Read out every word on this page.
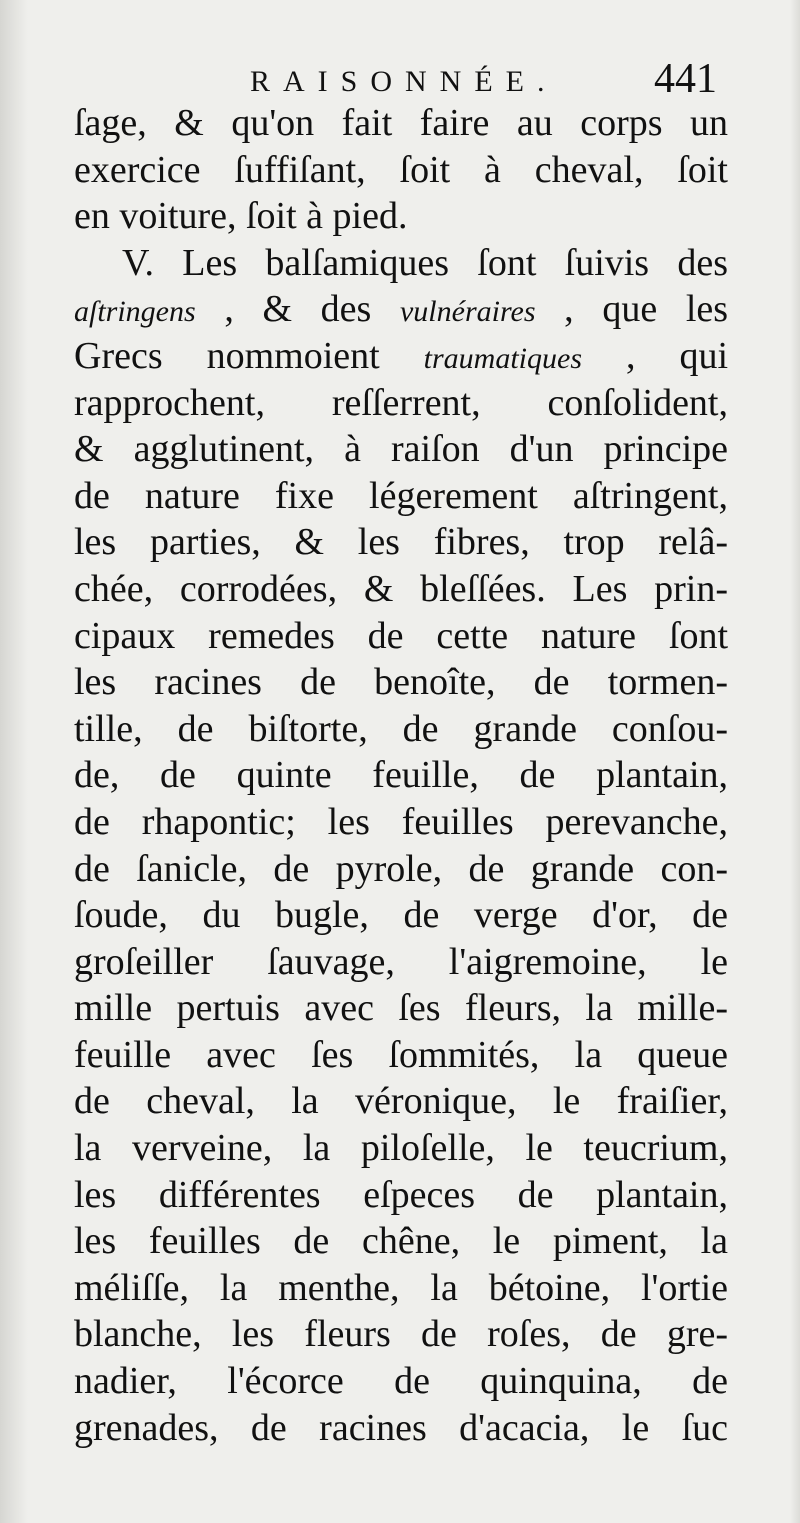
RAISONNÉE. 441
ſage, & qu'on fait faire au corps un
exercice ſuffiſant, ſoit à cheval, ſoit
en voiture, ſoit à pied.
V. Les balſamiques ſont ſuivis des
aſtringens , & des vulnéraires , que les
Grecs nommoient traumatiques , qui
rapprochent, reſſerrent, conſolident,
& agglutinent, à raiſon d'un principe
de nature fixe légerement aſtringent,
les parties, & les fibres, trop relâ-
chée, corrodées, & bleſſées. Les prin-
cipaux remedes de cette nature ſont
les racines de benoîte, de tormen-
tille, de biſtorte, de grande conſou-
de, de quinte feuille, de plantain,
de rhapontic; les feuilles perevanche,
de ſanicle, de pyrole, de grande con-
ſoude, du bugle, de verge d'or, de
groſeiller ſauvage, l'aigremoine, le
mille pertuis avec ſes fleurs, la mille-
feuille avec ſes ſommités, la queue
de cheval, la véronique, le fraiſier,
la verveine, la piloſelle, le teucrium,
les différentes eſpeces de plantain,
les feuilles de chêne, le piment, la
méliſſe, la menthe, la bétoine, l'ortie
blanche, les fleurs de roſes, de gre-
nadier, l'écorce de quinquina, de
grenades, de racines d'acacia, le ſuc
